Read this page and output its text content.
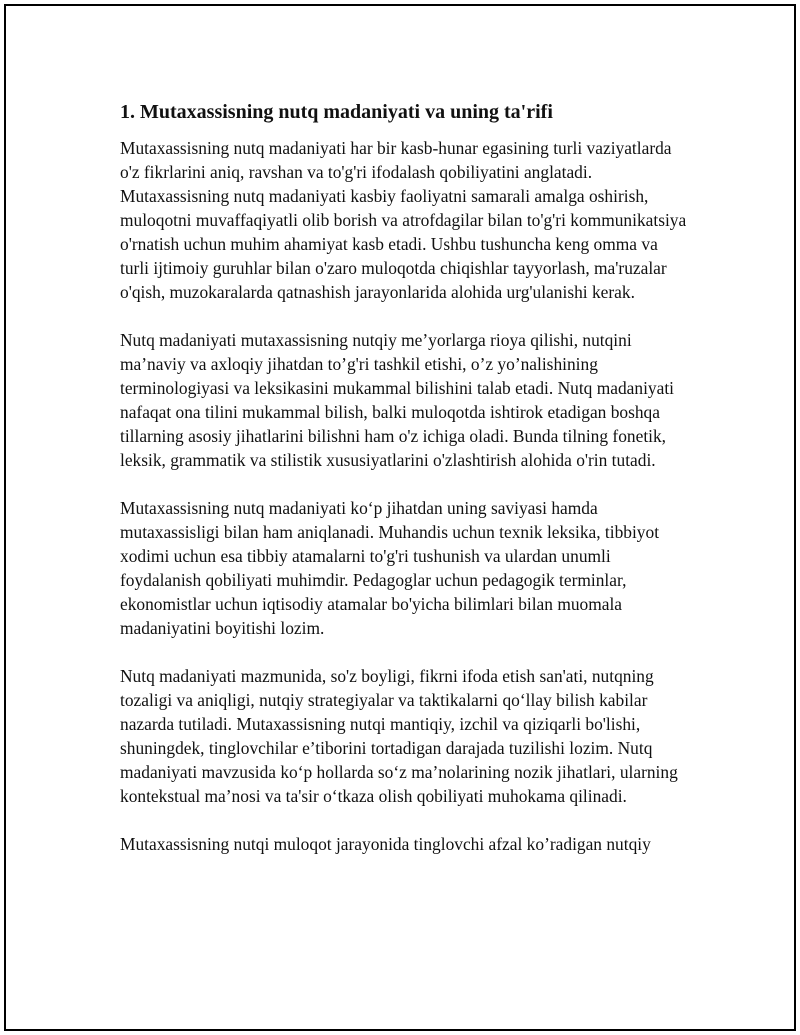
1. Mutaxassisning nutq madaniyati va uning ta'rifi

Mutaxassisning nutq madaniyati har bir kasb-hunar egasining turli vaziyatlarda o'z fikrlarini aniq, ravshan va to'g'ri ifodalash qobiliyatini anglatadi. Mutaxassisning nutq madaniyati kasbiy faoliyatni samarali amalga oshirish, muloqotni muvaffaqiyatli olib borish va atrofdagilar bilan to'g'ri kommunikatsiya o'rnatish uchun muhim ahamiyat kasb etadi. Ushbu tushuncha keng omma va turli ijtimoiy guruhlar bilan o'zaro muloqotda chiqishlar tayyorlash, ma'ruzalar o'qish, muzokaralarda qatnashish jarayonlarida alohida urg'ulanishi kerak.

Nutq madaniyati mutaxassisning nutqiy me’yorlarga rioya qilishi, nutqini ma’naviy va axloqiy jihatdan to’g'ri tashkil etishi, o’z yo’nalishining terminologiyasi va leksikasini mukammal bilishini talab etadi. Nutq madaniyati nafaqat ona tilini mukammal bilish, balki muloqotda ishtirok etadigan boshqa tillarning asosiy jihatlarini bilishni ham o'z ichiga oladi. Bunda tilning fonetik, leksik, grammatik va stilistik xususiyatlarini o'zlashtirish alohida o'rin tutadi.

Mutaxassisning nutq madaniyati ko‘p jihatdan uning saviyasi hamda mutaxassisligi bilan ham aniqlanadi. Muhandis uchun texnik leksika, tibbiyot xodimi uchun esa tibbiy atamalarni to'g'ri tushunish va ulardan unumli foydalanish qobiliyati muhimdir. Pedagoglar uchun pedagogik terminlar, ekonomistlar uchun iqtisodiy atamalar bo'yicha bilimlari bilan muomala madaniyatini boyitishi lozim.

Nutq madaniyati mazmunida, so'z boyligi, fikrni ifoda etish san'ati, nutqning tozaligi va aniqligi, nutqiy strategiyalar va taktikalarni qo‘llay bilish kabilar nazarda tutiladi. Mutaxassisning nutqi mantiqiy, izchil va qiziqarli bo'lishi, shuningdek, tinglovchilar e’tiborini tortadigan darajada tuzilishi lozim. Nutq madaniyati mavzusida ko‘p hollarda so‘z ma’nolarining nozik jihatlari, ularning kontekstual ma’nosi va ta'sir o‘tkaza olish qobiliyati muhokama qilinadi.

Mutaxassisning nutqi muloqot jarayonida tinglovchi afzal ko’radigan nutqiy
